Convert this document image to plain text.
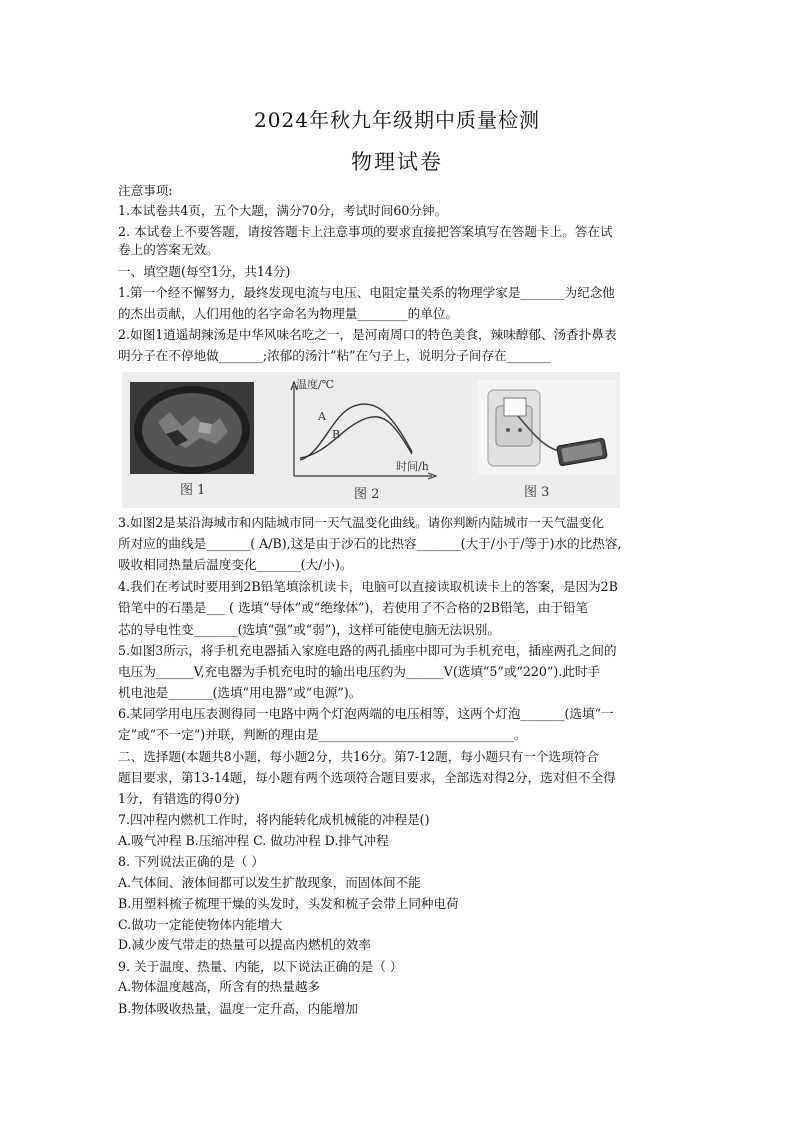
2024年秋九年级期中质量检测
物理试卷
注意事项:
1.本试卷共4页，五个大题，满分70分，考试时间60分钟。
2. 本试卷上不要答题，请按答题卡上注意事项的要求直接把答案填写在答题卡上。答在试
卷上的答案无效。
一、填空题(每空1分，共14分)
1.第一个经不懈努力，最终发现电流与电压、电阻定量关系的物理学家是_______为纪念他
的杰出贡献，人们用他的名字命名为物理量________的单位。
2.如图1逍遥胡辣汤是中华风味名吃之一，是河南周口的特色美食，辣味醇郁、汤香扑鼻表
明分子在不停地做_______;浓郁的汤汁“粘”在勺子上，说明分子间存在_______
3.如图2是某沿海城市和内陆城市同一天气温变化曲线。请你判断内陆城市一天气温变化
所对应的曲线是_______( A/B),这是由于沙石的比热容_______(大于/小于/等于)水的比热容,
吸收相同热量后温度变化_______(大/小)。
4.我们在考试时要用到2B铅笔填涂机读卡，电脑可以直接读取机读卡上的答案，是因为2B
铅笔中的石墨是___ ( 选填“导体”或“绝缘体”)，若使用了不合格的2B铅笔，由于铅笔
芯的导电性变_______(选填“强”或“弱”)，这样可能使电脑无法识别。
5.如图3所示，将手机充电器插入家庭电路的两孔插座中即可为手机充电，插座两孔之间的
电压为______V,充电器为手机充电时的输出电压约为______V(选填“5”或“220”).此时手
机电池是_______(选填“用电器”或“电源”)。
6.某同学用电压表测得同一电路中两个灯泡两端的电压相等，这两个灯泡_______(选填“一
定”或“不一定”)并联，判断的理由是_______________________________。
二、选择题(本题共8小题，每小题2分，共16分。第7-12题，每小题只有一个选项符合
题目要求，第13-14题，每小题有两个选项符合题目要求，全部选对得2分，选对但不全得
1分，有错选的得0分)
7.四冲程内燃机工作时，将内能转化成机械能的冲程是()
A.吸气冲程 B.压缩冲程 C. 做功冲程 D.排气冲程
8. 下列说法正确的是（ ）
A.气体间、液体间都可以发生扩散现象，而固体间不能
B.用塑料梳子梳理干燥的头发时，头发和梳子会带上同种电荷
C.做功一定能使物体内能增大
D.减少废气带走的热量可以提高内燃机的效率
9. 关于温度、热量、内能，以下说法正确的是（ ）
A.物体温度越高，所含有的热量越多
B.物体吸收热量，温度一定升高，内能增加
图 1
温度/℃
时间/h
A
B
图 2	图 3
